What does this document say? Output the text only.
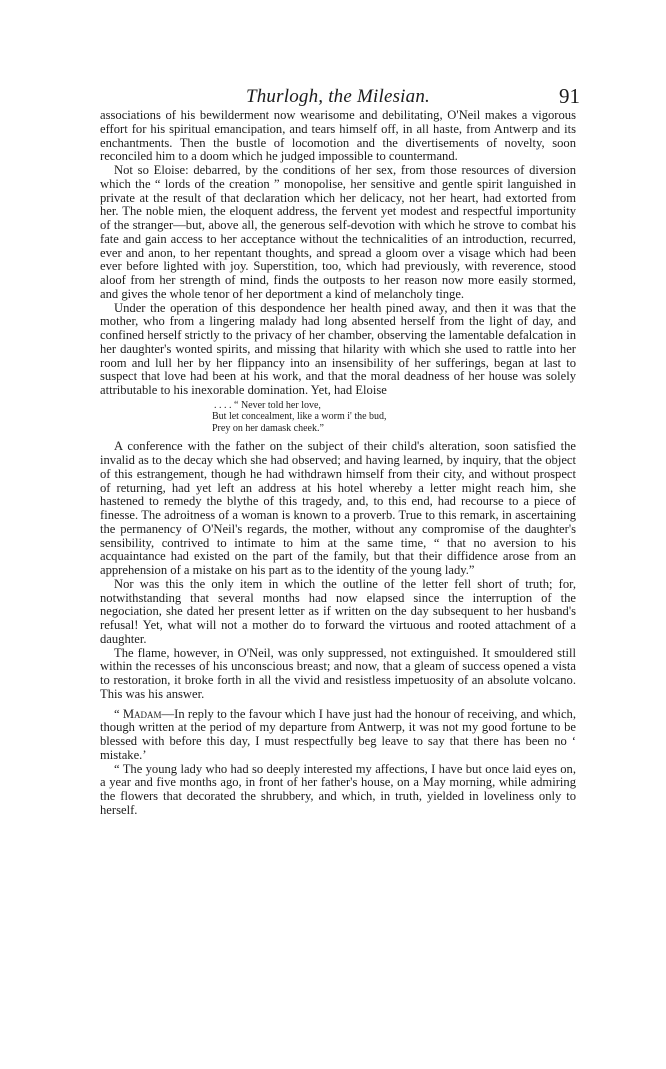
Thurlogh, the Milesian.	91

associations of his bewilderment now wearisome and debilitating, O'Neil makes a vigorous effort for his spiritual emancipation, and tears himself off, in all haste, from Antwerp and its enchantments. Then the bustle of locomotion and the divertisements of novelty, soon reconciled him to a doom which he judged impossible to countermand.

Not so Eloise: debarred, by the conditions of her sex, from those resources of diversion which the “ lords of the creation ” monopolise, her sensitive and gentle spirit languished in private at the result of that declaration which her delicacy, not her heart, had extorted from her. The noble mien, the eloquent address, the fervent yet modest and respectful importunity of the stranger—but, above all, the generous self-devotion with which he strove to combat his fate and gain access to her acceptance without the technicalities of an introduction, recurred, ever and anon, to her repentant thoughts, and spread a gloom over a visage which had been ever before lighted with joy. Superstition, too, which had previously, with reverence, stood aloof from her strength of mind, finds the outposts to her reason now more easily stormed, and gives the whole tenor of her deportment a kind of melancholy tinge.

Under the operation of this despondence her health pined away, and then it was that the mother, who from a lingering malady had long absented herself from the light of day, and confined herself strictly to the privacy of her chamber, observing the lamentable defalcation in her daughter's wonted spirits, and missing that hilarity with which she used to rattle into her room and lull her by her flippancy into an insensibility of her sufferings, began at last to suspect that love had been at his work, and that the moral deadness of her house was solely attributable to his inexorable domination. Yet, had Eloise

. . . . “ Never told her love,
But let concealment, like a worm i' the bud,
Prey on her damask cheek.”

A conference with the father on the subject of their child's alteration, soon satisfied the invalid as to the decay which she had observed; and having learned, by inquiry, that the object of this estrangement, though he had withdrawn himself from their city, and without prospect of returning, had yet left an address at his hotel whereby a letter might reach him, she hastened to remedy the blythe of this tragedy, and, to this end, had recourse to a piece of finesse. The adroitness of a woman is known to a proverb. True to this remark, in ascertaining the permanency of O'Neil's regards, the mother, without any compromise of the daughter's sensibility, contrived to intimate to him at the same time, “ that no aversion to his acquaintance had existed on the part of the family, but that their diffidence arose from an apprehension of a mistake on his part as to the identity of the young lady.”

Nor was this the only item in which the outline of the letter fell short of truth; for, notwithstanding that several months had now elapsed since the interruption of the negociation, she dated her present letter as if written on the day subsequent to her husband's refusal! Yet, what will not a mother do to forward the virtuous and rooted attachment of a daughter.

The flame, however, in O'Neil, was only suppressed, not extinguished. It smouldered still within the recesses of his unconscious breast; and now, that a gleam of success opened a vista to restoration, it broke forth in all the vivid and resistless impetuosity of an absolute volcano. This was his answer.

“ Madam—In reply to the favour which I have just had the honour of receiving, and which, though written at the period of my departure from Antwerp, it was not my good fortune to be blessed with before this day, I must respectfully beg leave to say that there has been no ‘ mistake.’

“ The young lady who had so deeply interested my affections, I have but once laid eyes on, a year and five months ago, in front of her father's house, on a May morning, while admiring the flowers that decorated the shrubbery, and which, in truth, yielded in loveliness only to herself.
